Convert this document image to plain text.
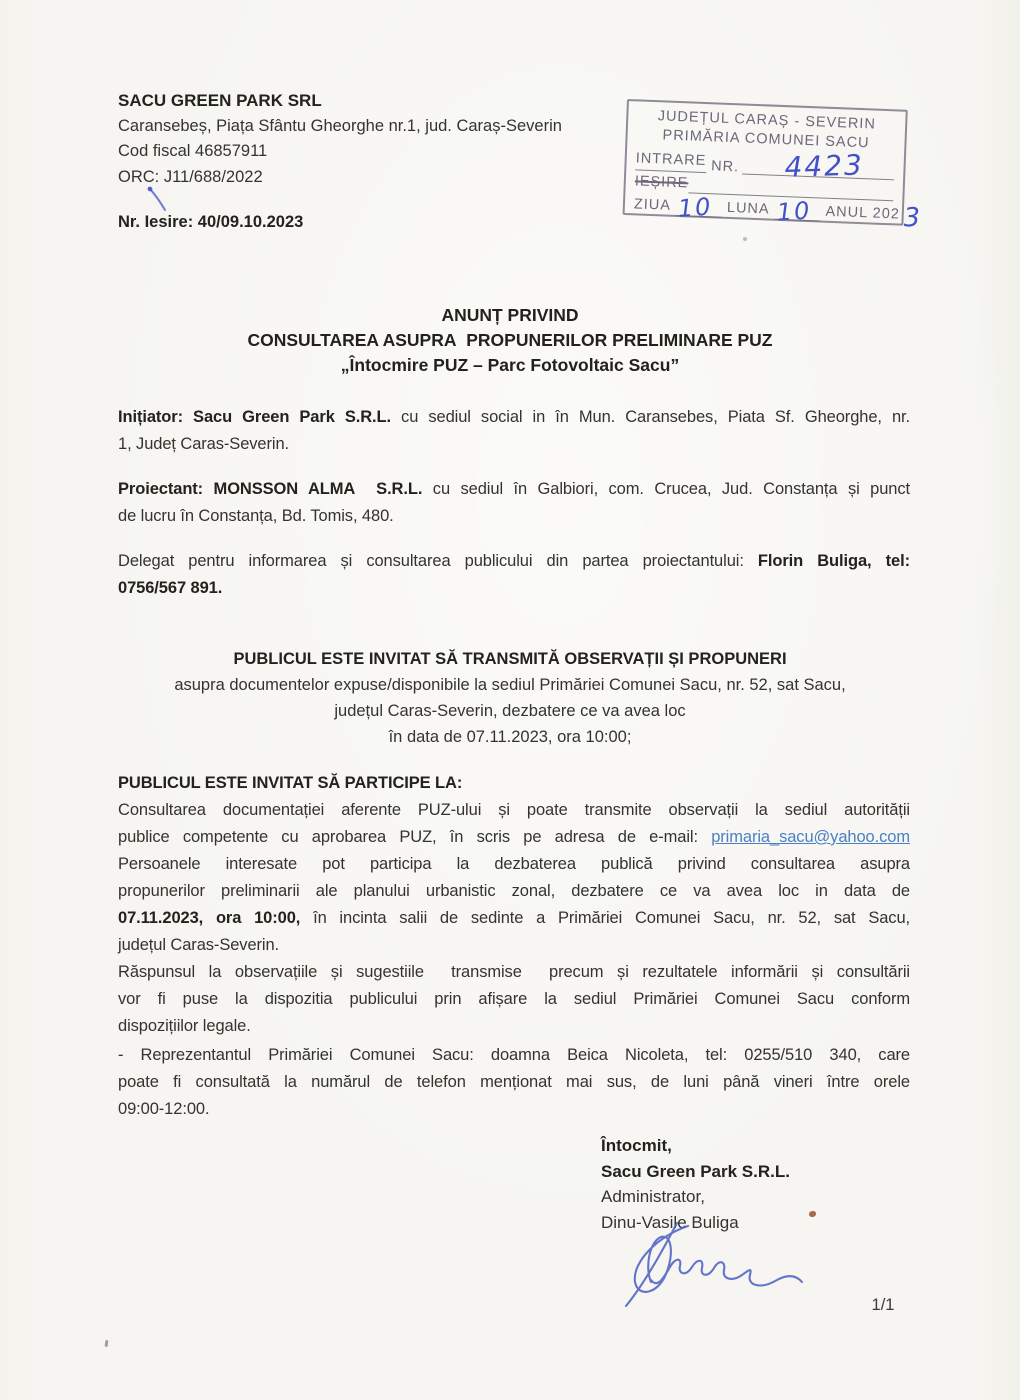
SACU GREEN PARK SRL
Caransebeș, Piața Sfântu Gheorghe nr.1, jud. Caraș-Severin
Cod fiscal 46857911
ORC: J11/688/2022
Nr. Iesire: 40/09.10.2023
JUDEȚUL CARAȘ - SEVERIN
PRIMĂRIA COMUNEI SACU
INTRARE NR. 4423
IEȘIRE
ZIUA 10 LUNA 10 ANUL 202 3
ANUNȚ PRIVIND
CONSULTAREA ASUPRA  PROPUNERILOR PRELIMINARE PUZ
„Întocmire PUZ – Parc Fotovoltaic Sacu”
Inițiator: Sacu Green Park S.R.L. cu sediul social in în Mun. Caransebes, Piata Sf. Gheorghe, nr.
1, Județ Caras-Severin.
Proiectant: MONSSON ALMA  S.R.L. cu sediul în Galbiori, com. Crucea, Jud. Constanța și punct
de lucru în Constanța, Bd. Tomis, 480.
Delegat pentru informarea și consultarea publicului din partea proiectantului: Florin Buliga, tel:
0756/567 891.
PUBLICUL ESTE INVITAT SĂ TRANSMITĂ OBSERVAȚII ȘI PROPUNERI
asupra documentelor expuse/disponibile la sediul Primăriei Comunei Sacu, nr. 52, sat Sacu,
județul Caras-Severin, dezbatere ce va avea loc
în data de 07.11.2023, ora 10:00;
PUBLICUL ESTE INVITAT SĂ PARTICIPE LA:
Consultarea documentației aferente PUZ-ului și poate transmite observații la sediul autorității
publice competente cu aprobarea PUZ, în scris pe adresa de e-mail: primaria_sacu@yahoo.com
Persoanele interesate pot participa la dezbaterea publică privind consultarea asupra
propunerilor preliminarii ale planului urbanistic zonal, dezbatere ce va avea loc in data de
07.11.2023, ora 10:00, în incinta salii de sedinte a Primăriei Comunei Sacu, nr. 52, sat Sacu,
județul Caras-Severin.
Răspunsul la observațiile și sugestiile  transmise  precum și rezultatele informării și consultării
vor fi puse la dispozitia publicului prin afișare la sediul Primăriei Comunei Sacu conform
dispozițiilor legale.
- Reprezentantul Primăriei Comunei Sacu: doamna Beica Nicoleta, tel: 0255/510 340, care
poate fi consultată la numărul de telefon menționat mai sus, de luni până vineri între orele
09:00-12:00.
Întocmit,
Sacu Green Park S.R.L.
Administrator,
Dinu-Vasile Buliga
1/1
